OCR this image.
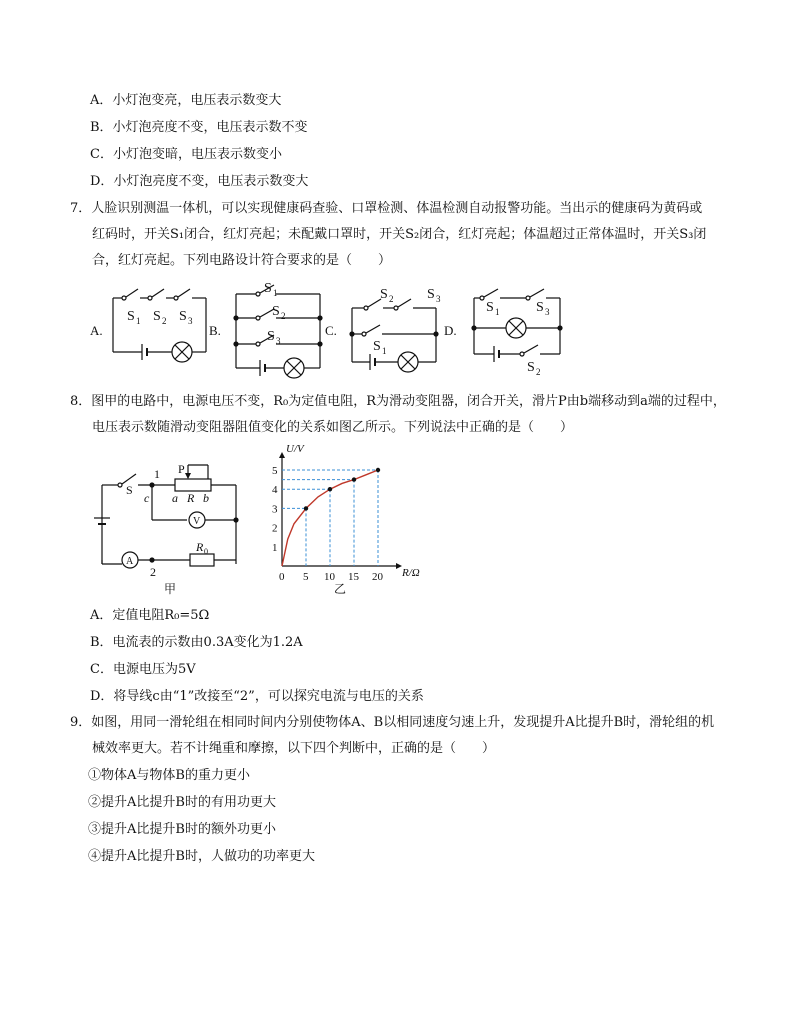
A．小灯泡变亮，电压表示数变大
B．小灯泡亮度不变，电压表示数不变
C．小灯泡变暗，电压表示数变小
D．小灯泡亮度不变，电压表示数变大
7．人脸识别测温一体机，可以实现健康码查验、口罩检测、体温检测自动报警功能。当出示的健康码为黄码或
红码时，开关S₁闭合，红灯亮起；未配戴口罩时，开关S₂闭合，红灯亮起；体温超过正常体温时，开关S₃闭
合，红灯亮起。下列电路设计符合要求的是（　　）
A.
S 1 S 2 S 3
B.
S 1
S 2
S 3
C.
S 2 S 3
S 1
D.
S 1	S 3
S 2
8．图甲的电路中，电源电压不变，R₀为定值电阻，R为滑动变阻器，闭合开关，滑片P由b端移动到a端的过程中，
电压表示数随滑动变阻器阻值变化的关系如图乙所示。下列说法中正确的是（　　）
S
1
2
c
P
a R b
V
A
R 0
甲
0 5 10 15 20
1
2
3
4
5
R/Ω
U/V
乙
A．定值电阻R₀=5Ω
B．电流表的示数由0.3A变化为1.2A
C．电源电压为5V
D．将导线c由“1”改接至“2”，可以探究电流与电压的关系
9．如图，用同一滑轮组在相同时间内分别使物体A、B以相同速度匀速上升，发现提升A比提升B时，滑轮组的机
械效率更大。若不计绳重和摩擦，以下四个判断中，正确的是（　　）
①物体A与物体B的重力更小
②提升A比提升B时的有用功更大
③提升A比提升B时的额外功更小
④提升A比提升B时，人做功的功率更大
